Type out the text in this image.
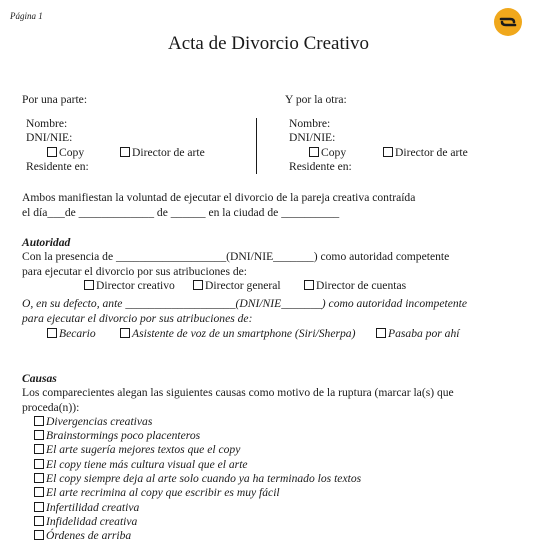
Página 1
Acta de Divorcio Creativo
Por una parte:
Nombre:
DNI/NIE:
Copy	Director de arte
Residente en:
Y por la otra:
Nombre:
DNI/NIE:
Copy	Director de arte
Residente en:
Ambos manifiestan la voluntad de ejecutar el divorcio de la pareja creativa contraída
el día___de _____________ de ______ en la ciudad de __________
Autoridad
Con la presencia de ___________________(DNI/NIE_______) como autoridad competente
para ejecutar el divorcio por sus atribuciones de:
Director creativo	Director general	Director de cuentas
O, en su defecto, ante ___________________(DNI/NIE_______) como autoridad incompetente
para ejecutar el divorcio por sus atribuciones de:
Becario	Asistente de voz de un smartphone (Siri/Sherpa)	Pasaba por ahí
Causas
Los comparecientes alegan las siguientes causas como motivo de la ruptura (marcar la(s) que
proceda(n)):
Divergencias creativas
Brainstormings poco placenteros
El arte sugería mejores textos que el copy
El copy tiene más cultura visual que el arte
El copy siempre deja al arte solo cuando ya ha terminado los textos
El arte recrimina al copy que escribir es muy fácil
Infertilidad creativa
Infidelidad creativa
Órdenes de arriba
